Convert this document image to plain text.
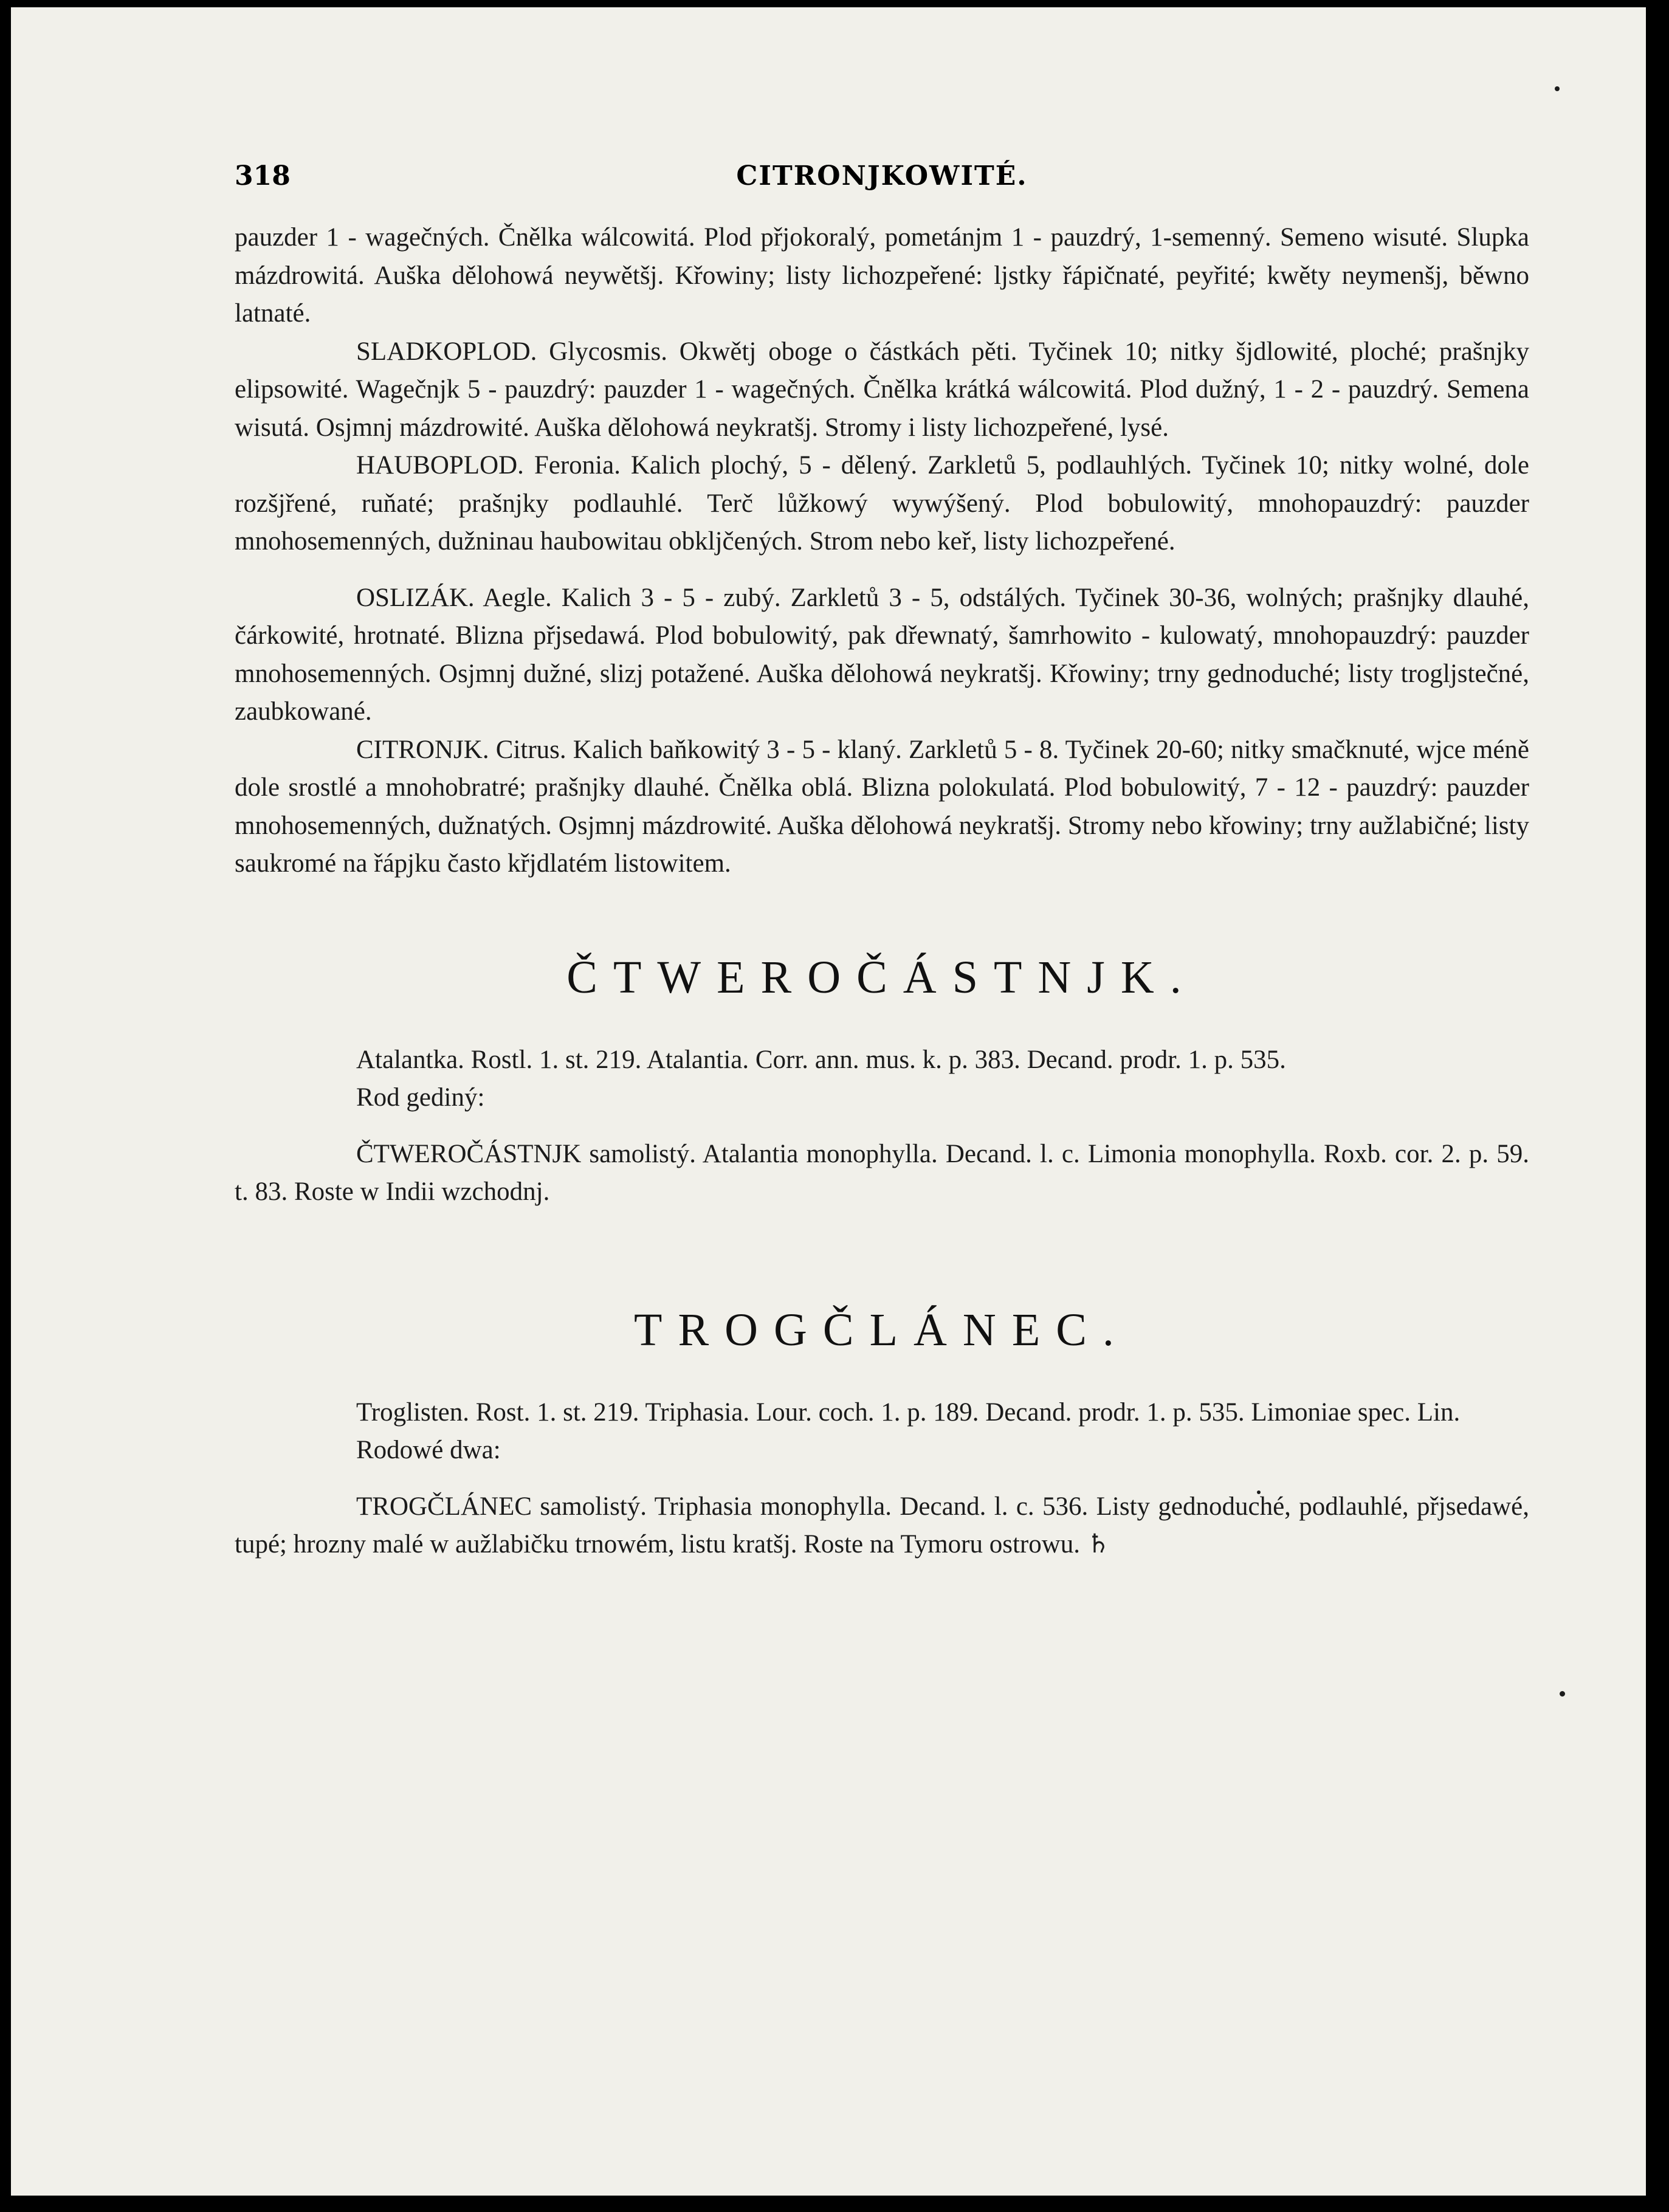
318	CITRONJKOWITÉ.

pauzder 1 - wagečných. Čnělka wálcowitá. Plod přjokoralý, pometánjm 1 - pauzdrý, 1-semenný. Semeno wisuté. Slupka mázdrowitá. Auška dělohowá neywětšj. Křowiny; listy lichozpeřené: ljstky řápičnaté, peyřité; kwěty neymenšj, běwno latnaté.

SLADKOPLOD. Glycosmis. Okwětj oboge o částkách pěti. Tyčinek 10; nitky šjdlowité, ploché; prašnjky elipsowité. Wagečnjk 5 - pauzdrý: pauzder 1 - wagečných. Čnělka krátká wálcowitá. Plod dužný, 1 - 2 - pauzdrý. Semena wisutá. Osjmnj mázdrowité. Auška dělohowá neykratšj. Stromy i listy lichozpeřené, lysé.

HAUBOPLOD. Feronia. Kalich plochý, 5 - dělený. Zarkletů 5, podlauhlých. Tyčinek 10; nitky wolné, dole rozšjřené, ruňaté; prašnjky podlauhlé. Terč lůžkowý wywýšený. Plod bobulowitý, mnohopauzdrý: pauzder mnohosemenných, dužninau haubowitau obkljčených. Strom nebo keř, listy lichozpeřené.

OSLIZÁK. Aegle. Kalich 3 - 5 - zubý. Zarkletů 3 - 5, odstálých. Tyčinek 30-36, wolných; prašnjky dlauhé, čárkowité, hrotnaté. Blizna přjsedawá. Plod bobulowitý, pak dřewnatý, šamrhowito - kulowatý, mnohopauzdrý: pauzder mnohosemenných. Osjmnj dužné, slizj potažené. Auška dělohowá neykratšj. Křowiny; trny gednoduché; listy trogljstečné, zaubkowané.

CITRONJK. Citrus. Kalich baňkowitý 3 - 5 - klaný. Zarkletů 5 - 8. Tyčinek 20-60; nitky smačknuté, wjce méně dole srostlé a mnohobratré; prašnjky dlauhé. Čnělka oblá. Blizna polokulatá. Plod bobulowitý, 7 - 12 - pauzdrý: pauzder mnohosemenných, dužnatých. Osjmnj mázdrowité. Auška dělohowá neykratšj. Stromy nebo křowiny; trny aužlabičné; listy saukromé na řápjku často křjdlatém listowitem.

ČTWEROČÁSTNJK.

Atalantka. Rostl. 1. st. 219. Atalantia. Corr. ann. mus. k. p. 383. Decand. prodr. 1. p. 535.

Rod gediný:

ČTWEROČÁSTNJK samolistý. Atalantia monophylla. Decand. l. c. Limonia monophylla. Roxb. cor. 2. p. 59. t. 83. Roste w Indii wzchodnj.

TROGČLÁNEC.

Troglisten. Rost. 1. st. 219. Triphasia. Lour. coch. 1. p. 189. Decand. prodr. 1. p. 535. Limoniae spec. Lin.

Rodowé dwa:

TROGČLÁNEC samolistý. Triphasia monophylla. Decand. l. c. 536. Listy gednoduché, podlauhlé, přjsedawé, tupé; hrozny malé w aužlabičku trnowém, listu kratšj. Roste na Tymoru ostrowu. ♄
